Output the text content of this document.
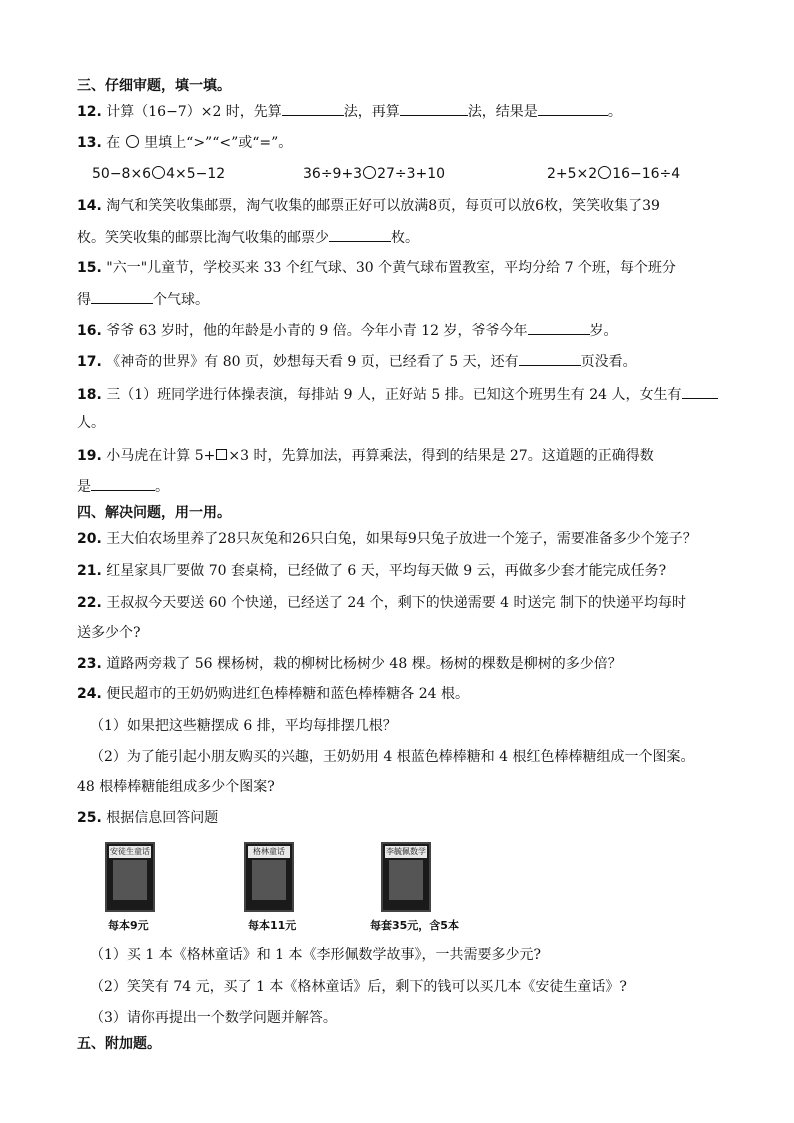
三、仔细审题，填一填。
12. 计算（16−7）×2 时，先算	法，再算	法，结果是	。
13. 在 里填上“>”“<”或“=”。
50−8×6 4×5−12	36÷9+3 27÷3+10	2+5×2 16−16÷4
14. 淘气和笑笑收集邮票，淘气收集的邮票正好可以放满8页，每页可以放6枚，笑笑收集了39
枚。笑笑收集的邮票比淘气收集的邮票少	枚。
15. "六一"儿童节，学校买来 33 个红气球、30 个黄气球布置教室，平均分给 7 个班，每个班分
得	个气球。
16. 爷爷 63 岁时，他的年龄是小青的 9 倍。今年小青 12 岁，爷爷今年	岁。
17. 《神奇的世界》有 80 页，妙想每天看 9 页，已经看了 5 天，还有	页没看。
18. 三（1）班同学进行体操表演，每排站 9 人，正好站 5 排。已知这个班男生有 24 人，女生有
人。
19. 小马虎在计算 5+ ×3 时，先算加法，再算乘法，得到的结果是 27。这道题的正确得数
是	。
四、解决问题，用一用。
20. 王大伯农场里养了28只灰兔和26只白兔，如果每9只兔子放进一个笼子，需要准备多少个笼子？
21. 红星家具厂要做 70 套桌椅，已经做了 6 天，平均每天做 9 云，再做多少套才能完成任务?
22. 王叔叔今天要送 60 个快递，已经送了 24 个，剩下的快递需要 4 时送完 制下的快递平均每时
送多少个?
23. 道路两旁栽了 56 棵杨树，栽的柳树比杨树少 48 棵。杨树的棵数是柳树的多少倍？
24. 便民超市的王奶奶购进红色棒棒糖和蓝色棒棒糖各 24 根。
（1）如果把这些糖摆成 6 排，平均每排摆几根？
（2）为了能引起小朋友购买的兴趣，王奶奶用 4 根蓝色棒棒糖和 4 根红色棒棒糖组成一个图案。
48 根棒棒糖能组成多少个图案?
25. 根据信息回答问题
安徒生童话
每本9元
格林童话
每本11元
李毓佩数学
每套35元，含5本
（1）买 1 本《格林童话》和 1 本《李形佩数学故事》，一共需要多少元?
（2）笑笑有 74 元，买了 1 本《格林童话》后，剩下的钱可以买几本《安徒生童话》?
（3）请你再提出一个数学问题并解答。
五、附加题。
